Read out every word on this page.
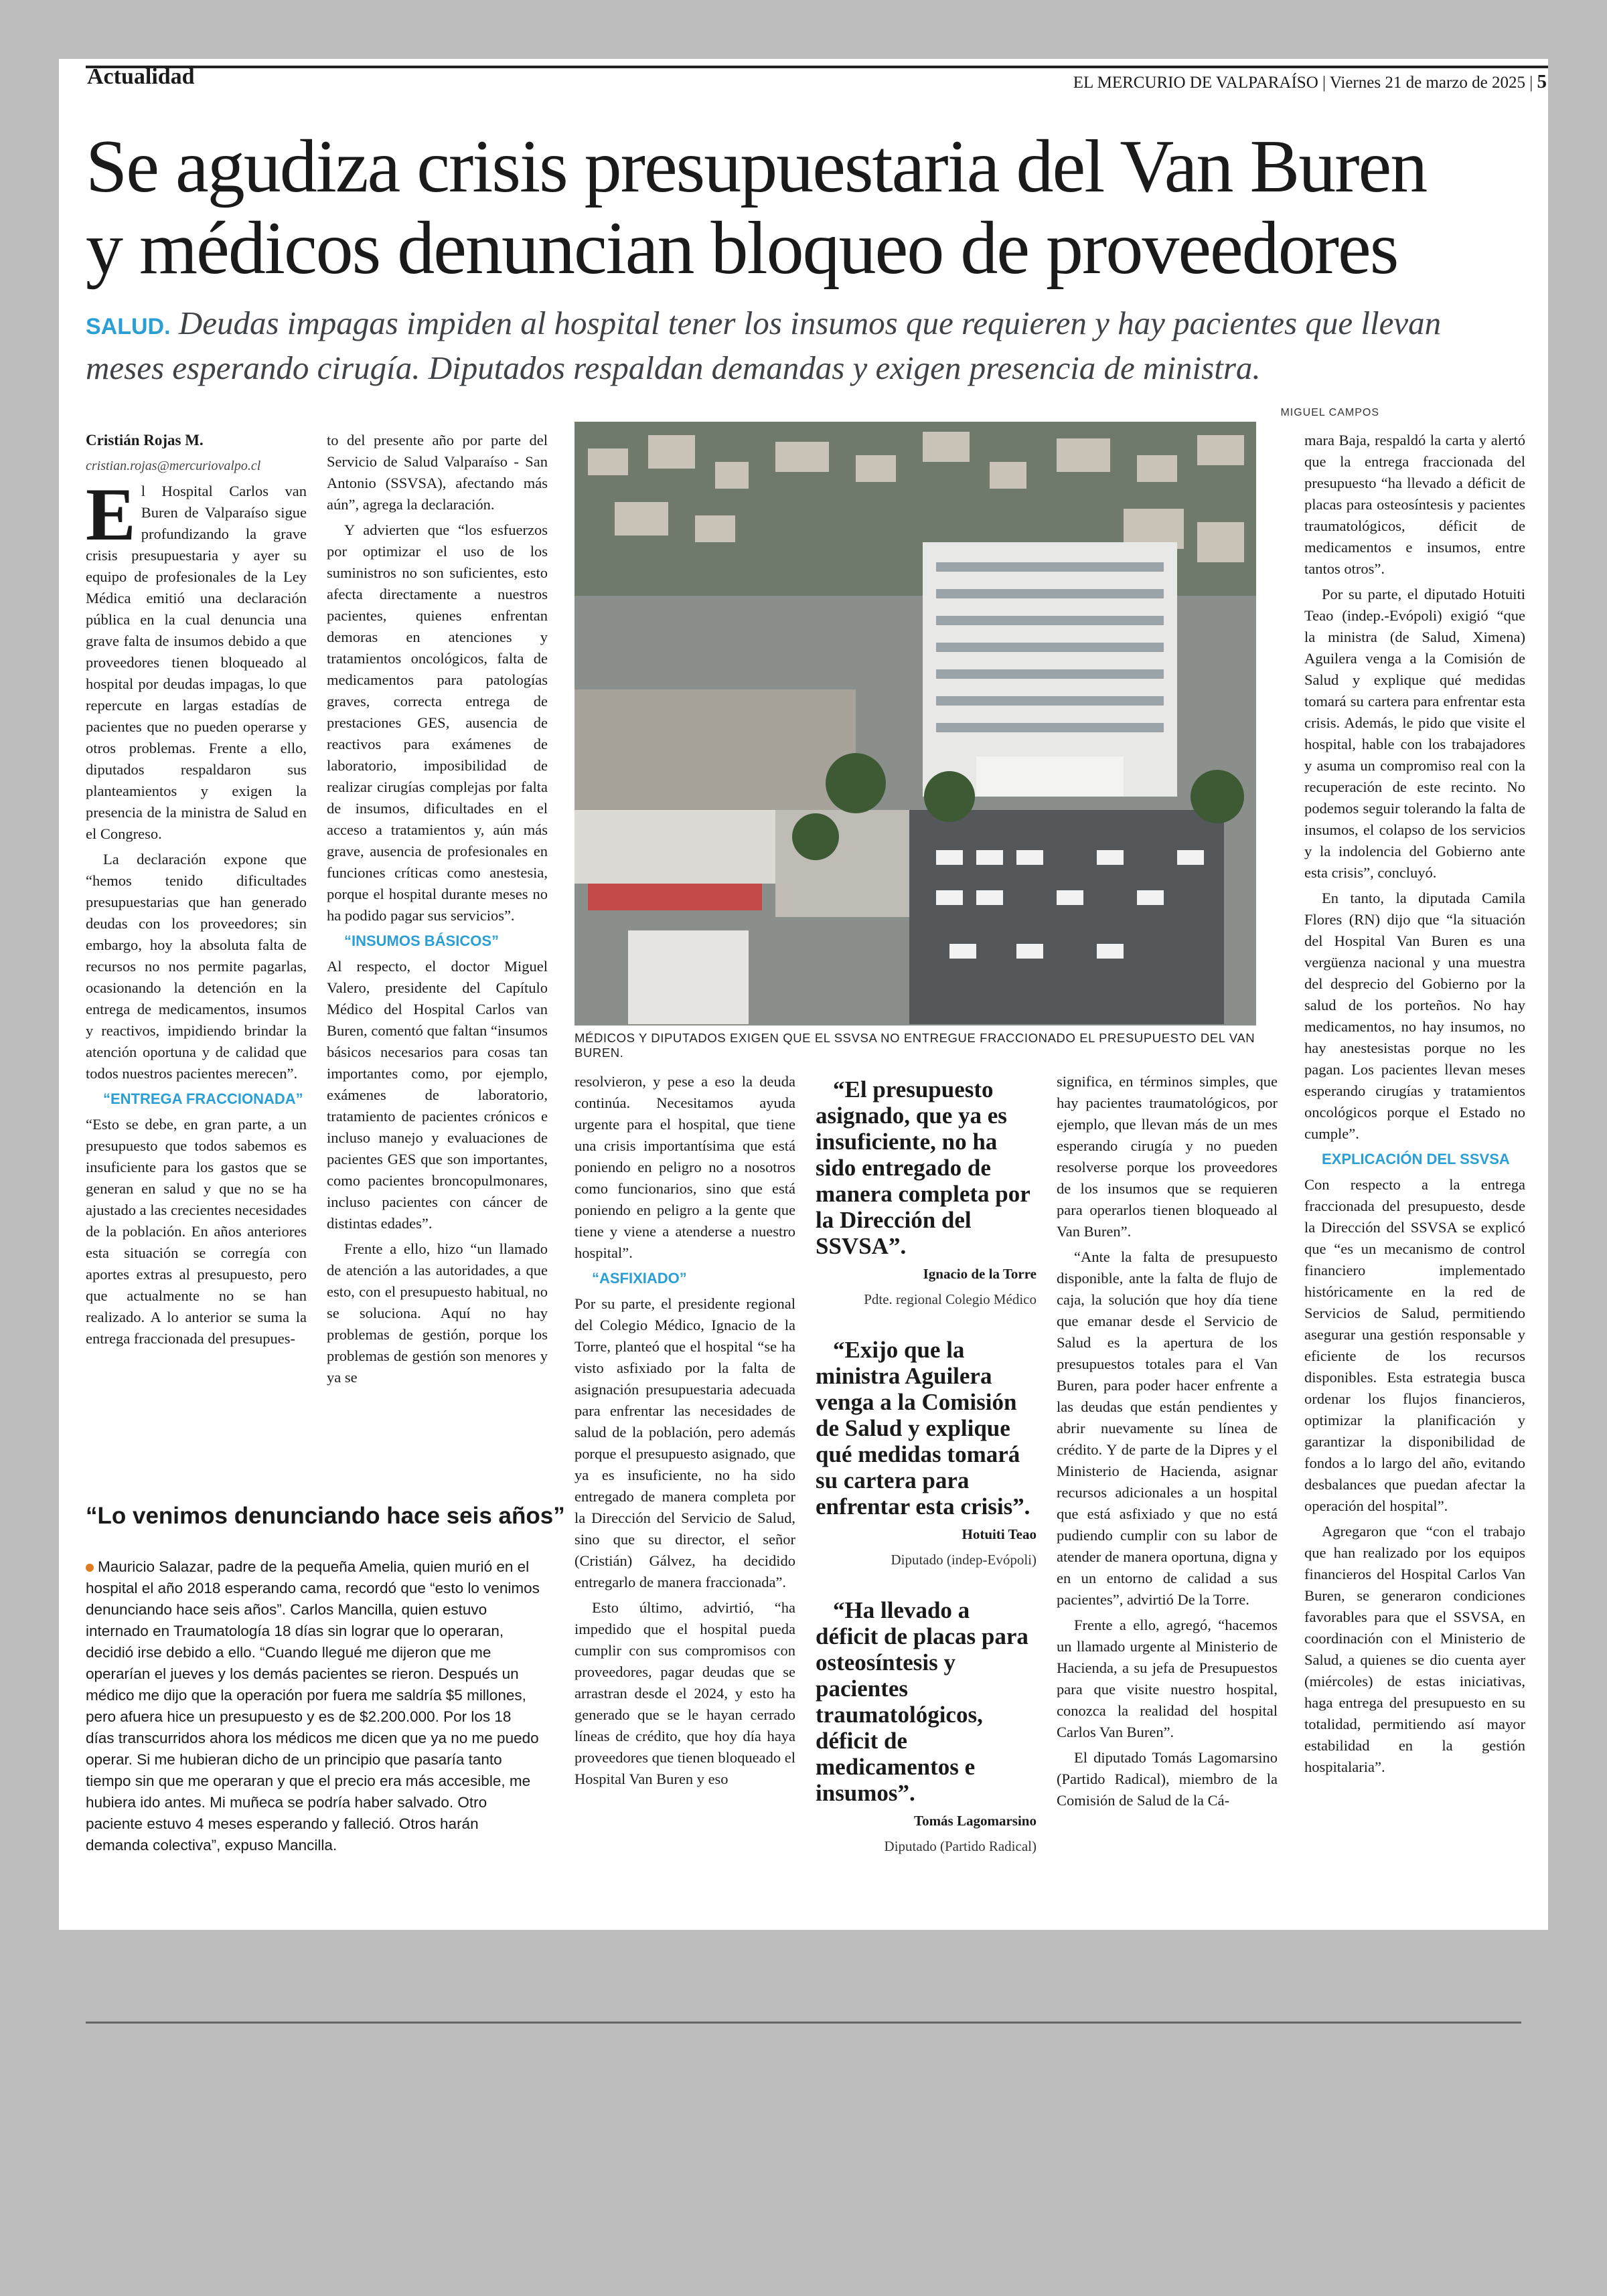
Actualidad	EL MERCURIO DE VALPARAÍSO | Viernes 21 de marzo de 2025 | 5
Se agudiza crisis presupuestaria del Van Buren
y médicos denuncian bloqueo de proveedores
SALUD. Deudas impagas impiden al hospital tener los insumos que requieren y hay pacientes que llevan meses esperando cirugía. Diputados respaldan demandas y exigen presencia de ministra.

Cristián Rojas M.

cristian.rojas@mercuriovalpo.cl

El Hospital Carlos van Buren de Valparaíso sigue profundizando la grave crisis presupuestaria y ayer su equipo de profesionales de la Ley Médica emitió una declaración pública en la cual denuncia una grave falta de insumos debido a que proveedores tienen bloqueado al hospital por deudas impagas, lo que repercute en largas estadías de pacientes que no pueden operarse y otros problemas. Frente a ello, diputados respaldaron sus planteamientos y exigen la presencia de la ministra de Salud en el Congreso.

La declaración expone que “hemos tenido dificultades presupuestarias que han generado deudas con los proveedores; sin embargo, hoy la absoluta falta de recursos no nos permite pagarlas, ocasionando la detención en la entrega de medicamentos, insumos y reactivos, impidiendo brindar la atención oportuna y de calidad que todos nuestros pacientes merecen”.

“ENTREGA FRACCIONADA”

“Esto se debe, en gran parte, a un presupuesto que todos sabemos es insuficiente para los gastos que se generan en salud y que no se ha ajustado a las crecientes necesidades de la población. En años anteriores esta situación se corregía con aportes extras al presupuesto, pero que actualmente no se han realizado. A lo anterior se suma la entrega fraccionada del presupues-

to del presente año por parte del Servicio de Salud Valparaíso - San Antonio (SSVSA), afectando más aún”, agrega la declaración.

Y advierten que “los esfuerzos por optimizar el uso de los suministros no son suficientes, esto afecta directamente a nuestros pacientes, quienes enfrentan demoras en atenciones y tratamientos oncológicos, falta de medicamentos para patologías graves, correcta entrega de prestaciones GES, ausencia de reactivos para exámenes de laboratorio, imposibilidad de realizar cirugías complejas por falta de insumos, dificultades en el acceso a tratamientos y, aún más grave, ausencia de profesionales en funciones críticas como anestesia, porque el hospital durante meses no ha podido pagar sus servicios”.

“INSUMOS BÁSICOS”

Al respecto, el doctor Miguel Valero, presidente del Capítulo Médico del Hospital Carlos van Buren, comentó que faltan “insumos básicos necesarios para cosas tan importantes como, por ejemplo, exámenes de laboratorio, tratamiento de pacientes crónicos e incluso manejo y evaluaciones de pacientes GES que son importantes, como pacientes broncopulmonares, incluso pacientes con cáncer de distintas edades”.

Frente a ello, hizo “un llamado de atención a las autoridades, a que esto, con el presupuesto habitual, no se soluciona. Aquí no hay problemas de gestión, porque los problemas de gestión son menores y ya se

MIGUEL CAMPOS
MÉDICOS Y DIPUTADOS EXIGEN QUE EL SSVSA NO ENTREGUE FRACCIONADO EL PRESUPUESTO DEL VAN BUREN.

resolvieron, y pese a eso la deuda continúa. Necesitamos ayuda urgente para el hospital, que tiene una crisis importantísima que está poniendo en peligro no a nosotros como funcionarios, sino que está poniendo en peligro a la gente que tiene y viene a atenderse a nuestro hospital”.

“ASFIXIADO”

Por su parte, el presidente regional del Colegio Médico, Ignacio de la Torre, planteó que el hospital “se ha visto asfixiado por la falta de asignación presupuestaria adecuada para enfrentar las necesidades de salud de la población, pero además porque el presupuesto asignado, que ya es insuficiente, no ha sido entregado de manera completa por la Dirección del Servicio de Salud, sino que su director, el señor (Cristián) Gálvez, ha decidido entregarlo de manera fraccionada”.

Esto último, advirtió, “ha impedido que el hospital pueda cumplir con sus compromisos con proveedores, pagar deudas que se arrastran desde el 2024, y esto ha generado que se le hayan cerrado líneas de crédito, que hoy día haya proveedores que tienen bloqueado el Hospital Van Buren y eso

“El presupuesto asignado, que ya es insuficiente, no ha sido entregado de manera completa por la Dirección del SSVSA”.

Ignacio de la Torre

Pdte. regional Colegio Médico

“Exijo que la ministra Aguilera venga a la Comisión de Salud y explique qué medidas tomará su cartera para enfrentar esta crisis”.

Hotuiti Teao

Diputado (indep-Evópoli)

“Ha llevado a déficit de placas para osteosíntesis y pacientes traumatológicos, déficit de medicamentos e insumos”.

Tomás Lagomarsino

Diputado (Partido Radical)

significa, en términos simples, que hay pacientes traumatológicos, por ejemplo, que llevan más de un mes esperando cirugía y no pueden resolverse porque los proveedores de los insumos que se requieren para operarlos tienen bloqueado al Van Buren”.

“Ante la falta de presupuesto disponible, ante la falta de flujo de caja, la solución que hoy día tiene que emanar desde el Servicio de Salud es la apertura de los presupuestos totales para el Van Buren, para poder hacer enfrente a las deudas que están pendientes y abrir nuevamente su línea de crédito. Y de parte de la Dipres y el Ministerio de Hacienda, asignar recursos adicionales a un hospital que está asfixiado y que no está pudiendo cumplir con su labor de atender de manera oportuna, digna y en un entorno de calidad a sus pacientes”, advirtió De la Torre.

Frente a ello, agregó, “hacemos un llamado urgente al Ministerio de Hacienda, a su jefa de Presupuestos para que visite nuestro hospital, conozca la realidad del hospital Carlos Van Buren”.

El diputado Tomás Lagomarsino (Partido Radical), miembro de la Comisión de Salud de la Cá-

mara Baja, respaldó la carta y alertó que la entrega fraccionada del presupuesto “ha llevado a déficit de placas para osteosíntesis y pacientes traumatológicos, déficit de medicamentos e insumos, entre tantos otros”.

Por su parte, el diputado Hotuiti Teao (indep.-Evópoli) exigió “que la ministra (de Salud, Ximena) Aguilera venga a la Comisión de Salud y explique qué medidas tomará su cartera para enfrentar esta crisis. Además, le pido que visite el hospital, hable con los trabajadores y asuma un compromiso real con la recuperación de este recinto. No podemos seguir tolerando la falta de insumos, el colapso de los servicios y la indolencia del Gobierno ante esta crisis”, concluyó.

En tanto, la diputada Camila Flores (RN) dijo que “la situación del Hospital Van Buren es una vergüenza nacional y una muestra del desprecio del Gobierno por la salud de los porteños. No hay medicamentos, no hay insumos, no hay anestesistas porque no les pagan. Los pacientes llevan meses esperando cirugías y tratamientos oncológicos porque el Estado no cumple”.

EXPLICACIÓN DEL SSVSA

Con respecto a la entrega fraccionada del presupuesto, desde la Dirección del SSVSA se explicó que “es un mecanismo de control financiero implementado históricamente en la red de Servicios de Salud, permitiendo asegurar una gestión responsable y eficiente de los recursos disponibles. Esta estrategia busca ordenar los flujos financieros, optimizar la planificación y garantizar la disponibilidad de fondos a lo largo del año, evitando desbalances que puedan afectar la operación del hospital”.

Agregaron que “con el trabajo que han realizado por los equipos financieros del Hospital Carlos Van Buren, se generaron condiciones favorables para que el SSVSA, en coordinación con el Ministerio de Salud, a quienes se dio cuenta ayer (miércoles) de estas iniciativas, haga entrega del presupuesto en su totalidad, permitiendo así mayor estabilidad en la gestión hospitalaria”.

“Lo venimos denunciando hace seis años”
Mauricio Salazar, padre de la pequeña Amelia, quien murió en el hospital el año 2018 esperando cama, recordó que “esto lo venimos denunciando hace seis años”. Carlos Mancilla, quien estuvo internado en Traumatología 18 días sin lograr que lo operaran, decidió irse debido a ello. “Cuando llegué me dijeron que me operarían el jueves y los demás pacientes se rieron. Después un médico me dijo que la operación por fuera me saldría $5 millones, pero afuera hice un presupuesto y es de $2.200.000. Por los 18 días transcurridos ahora los médicos me dicen que ya no me puedo operar. Si me hubieran dicho de un principio que pasaría tanto tiempo sin que me operaran y que el precio era más accesible, me hubiera ido antes. Mi muñeca se podría haber salvado. Otro paciente estuvo 4 meses esperando y falleció. Otros harán demanda colectiva”, expuso Mancilla.
